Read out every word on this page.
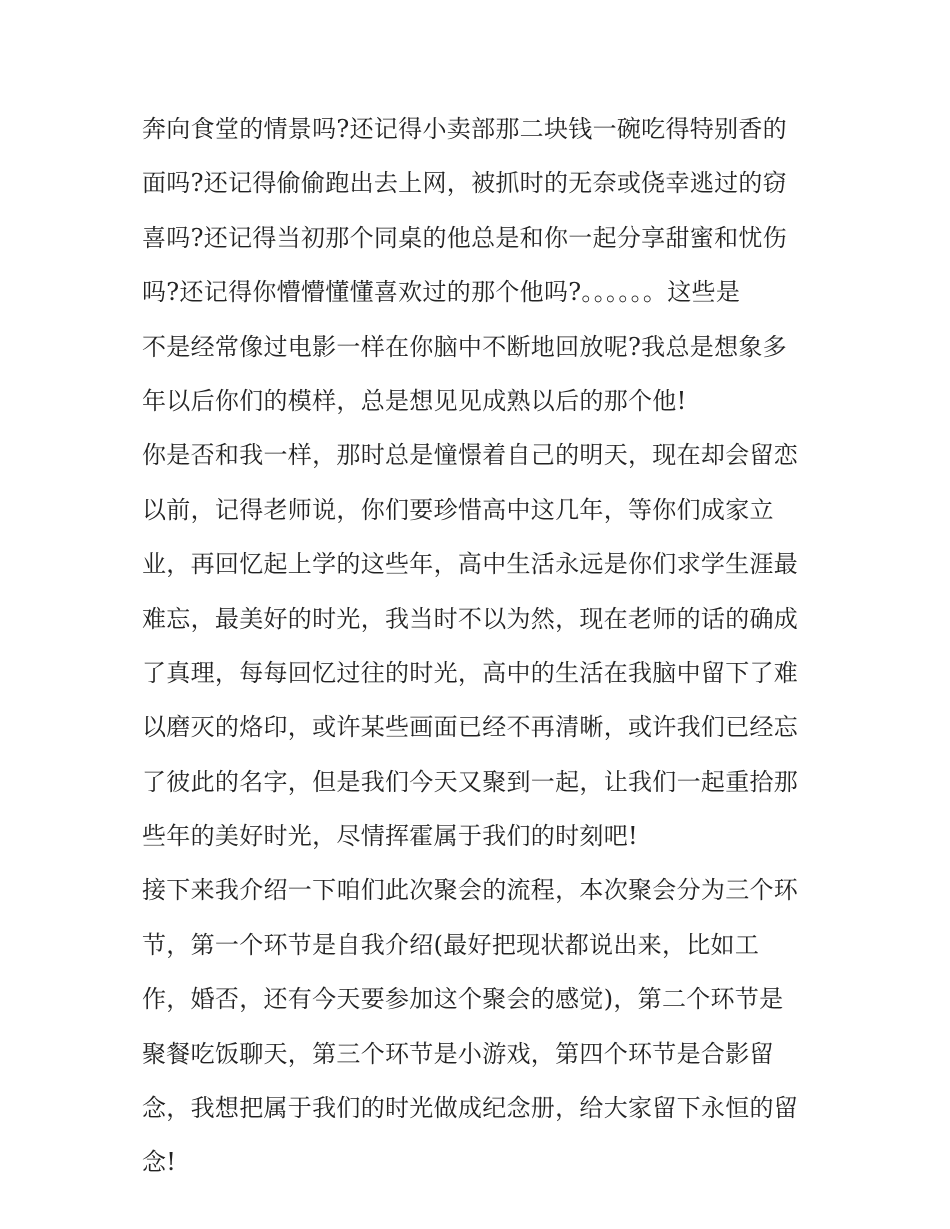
奔向食堂的情景吗?还记得小卖部那二块钱一碗吃得特别香的
面吗?还记得偷偷跑出去上网，被抓时的无奈或侥幸逃过的窃
喜吗?还记得当初那个同桌的他总是和你一起分享甜蜜和忧伤
吗?还记得你懵懵懂懂喜欢过的那个他吗?。。。。。。这些是
不是经常像过电影一样在你脑中不断地回放呢?我总是想象多
年以后你们的模样，总是想见见成熟以后的那个他!
你是否和我一样，那时总是憧憬着自己的明天，现在却会留恋
以前，记得老师说，你们要珍惜高中这几年，等你们成家立
业，再回忆起上学的这些年，高中生活永远是你们求学生涯最
难忘，最美好的时光，我当时不以为然，现在老师的话的确成
了真理，每每回忆过往的时光，高中的生活在我脑中留下了难
以磨灭的烙印，或许某些画面已经不再清晰，或许我们已经忘
了彼此的名字，但是我们今天又聚到一起，让我们一起重拾那
些年的美好时光，尽情挥霍属于我们的时刻吧!
接下来我介绍一下咱们此次聚会的流程，本次聚会分为三个环
节，第一个环节是自我介绍(最好把现状都说出来，比如工
作，婚否，还有今天要参加这个聚会的感觉)，第二个环节是
聚餐吃饭聊天，第三个环节是小游戏，第四个环节是合影留
念，我想把属于我们的时光做成纪念册，给大家留下永恒的留
念!
